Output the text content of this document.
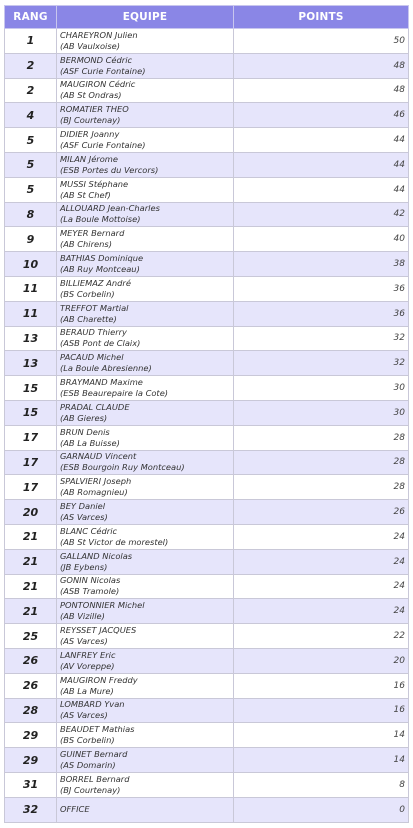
RANG	EQUIPE	POINTS
1	CHAREYRON Julien
(AB Vaulxoise)	50
2	BERMOND Cédric
(ASF Curie Fontaine)	48
2	MAUGIRON Cédric
(AB St Ondras)	48
4	ROMATIER THEO
(BJ Courtenay)	46
5	DIDIER Joanny
(ASF Curie Fontaine)	44
5	MILAN Jérome
(ESB Portes du Vercors)	44
5	MUSSI Stéphane
(AB St Chef)	44
8	ALLOUARD Jean-Charles
(La Boule Mottoise)	42
9	MEYER Bernard
(AB Chirens)	40
10	BATHIAS Dominique
(AB Ruy Montceau)	38
11	BILLIEMAZ André
(BS Corbelin)	36
11	TREFFOT Martial
(AB Charette)	36
13	BERAUD Thierry
(ASB Pont de Claix)	32
13	PACAUD Michel
(La Boule Abresienne)	32
15	BRAYMAND Maxime
(ESB Beaurepaire la Cote)	30
15	PRADAL CLAUDE
(AB Gieres)	30
17	BRUN Denis
(AB La Buisse)	28
17	GARNAUD Vincent
(ESB Bourgoin Ruy Montceau)	28
17	SPALVIERI Joseph
(AB Romagnieu)	28
20	BEY Daniel
(AS Varces)	26
21	BLANC Cédric
(AB St Victor de morestel)	24
21	GALLAND Nicolas
(JB Eybens)	24
21	GONIN Nicolas
(ASB Tramole)	24
21	PONTONNIER Michel
(AB Vizille)	24
25	REYSSET JACQUES
(AS Varces)	22
26	LANFREY Eric
(AV Voreppe)	20
26	MAUGIRON Freddy
(AB La Mure)	16
28	LOMBARD Yvan
(AS Varces)	16
29	BEAUDET Mathias
(BS Corbelin)	14
29	GUINET Bernard
(AS Domarin)	14
31	BORREL Bernard
(BJ Courtenay)	8
32	OFFICE	0
